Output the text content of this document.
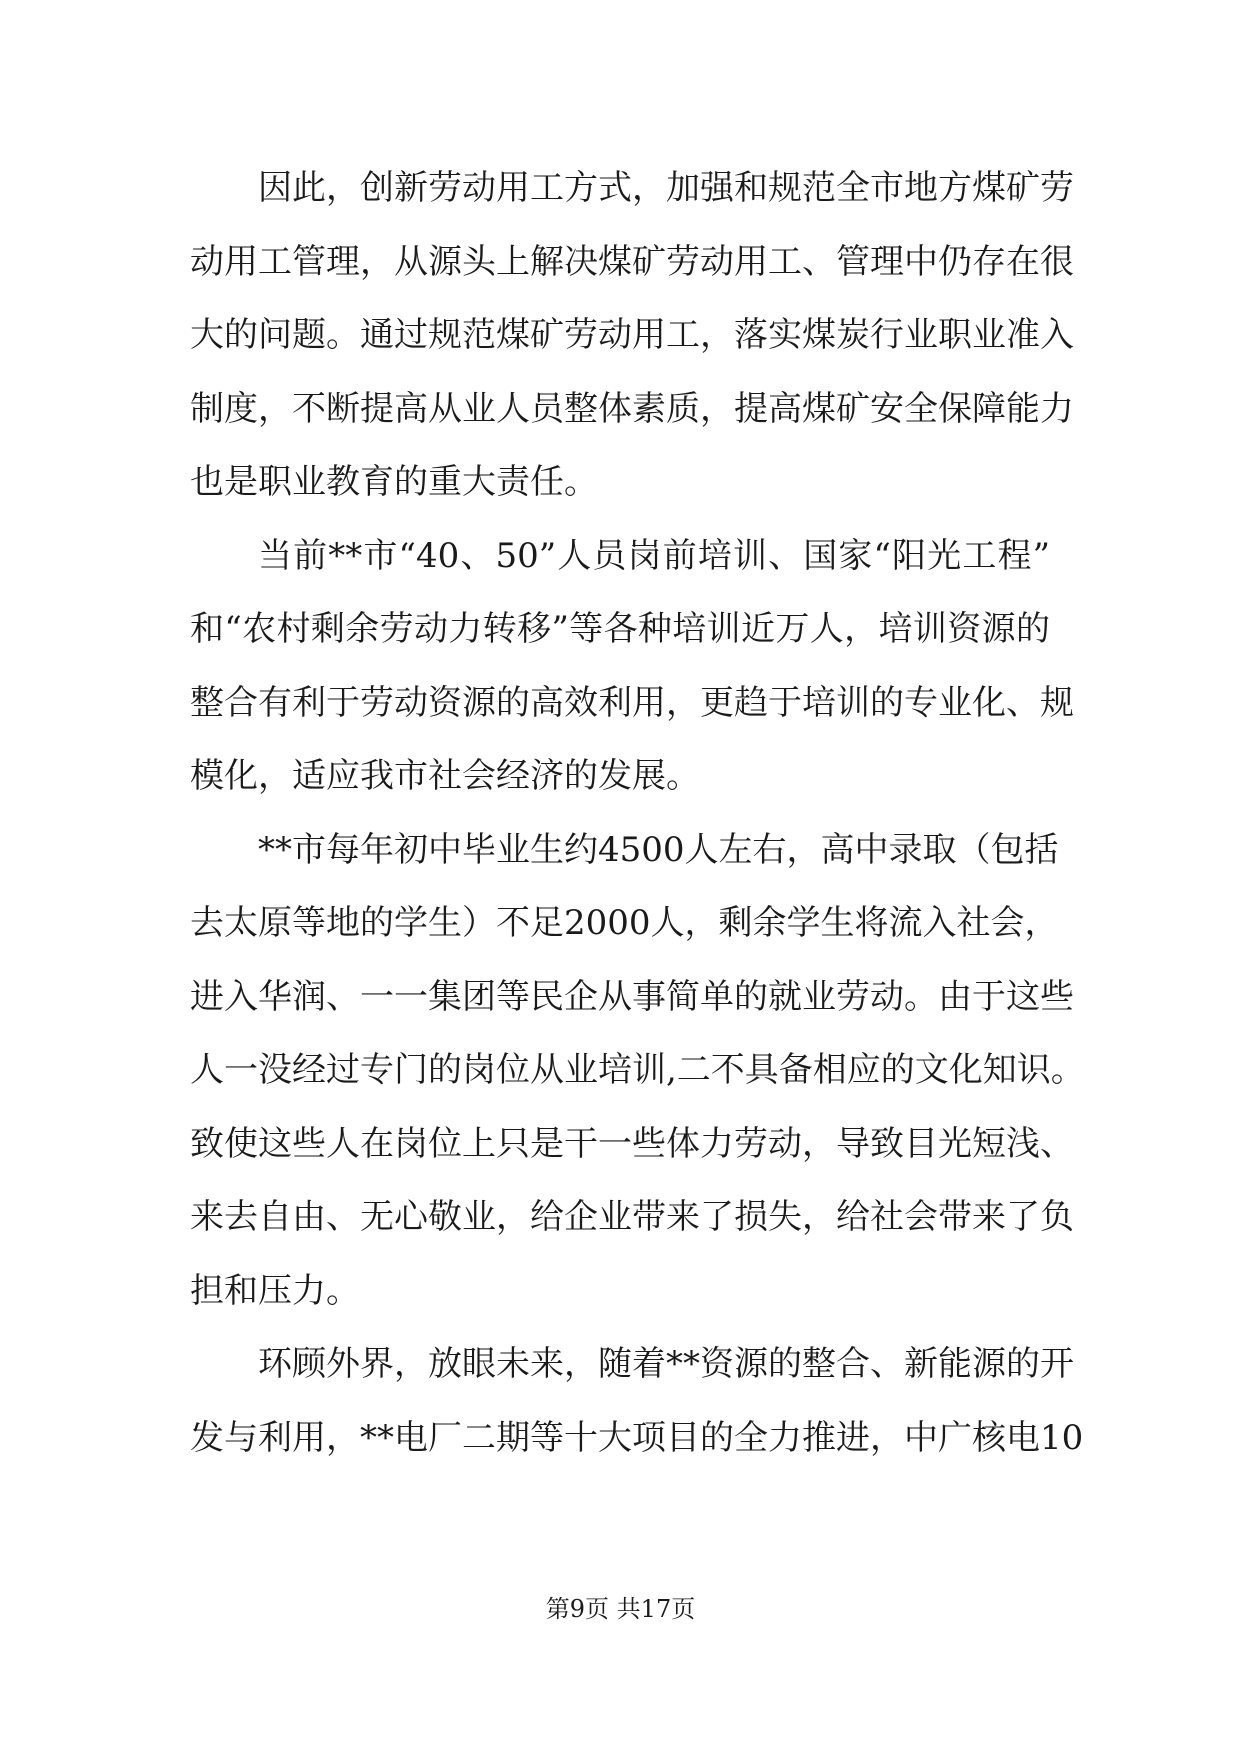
因此，创新劳动用工方式，加强和规范全市地方煤矿劳
动用工管理，从源头上解决煤矿劳动用工、管理中仍存在很
大的问题。通过规范煤矿劳动用工，落实煤炭行业职业准入
制度，不断提高从业人员整体素质，提高煤矿安全保障能力
也是职业教育的重大责任。
当前**市“40、50”人员岗前培训、国家“阳光工程”
和“农村剩余劳动力转移”等各种培训近万人，培训资源的
整合有利于劳动资源的高效利用，更趋于培训的专业化、规
模化，适应我市社会经济的发展。
**市每年初中毕业生约4500人左右，高中录取（包括
去太原等地的学生）不足2000人，剩余学生将流入社会，
进入华润、一一集团等民企从事简单的就业劳动。由于这些
人一没经过专门的岗位从业培训,二不具备相应的文化知识。
致使这些人在岗位上只是干一些体力劳动，导致目光短浅、
来去自由、无心敬业，给企业带来了损失，给社会带来了负
担和压力。
环顾外界，放眼未来，随着**资源的整合、新能源的开
发与利用，**电厂二期等十大项目的全力推进，中广核电10
第9页 共17页
